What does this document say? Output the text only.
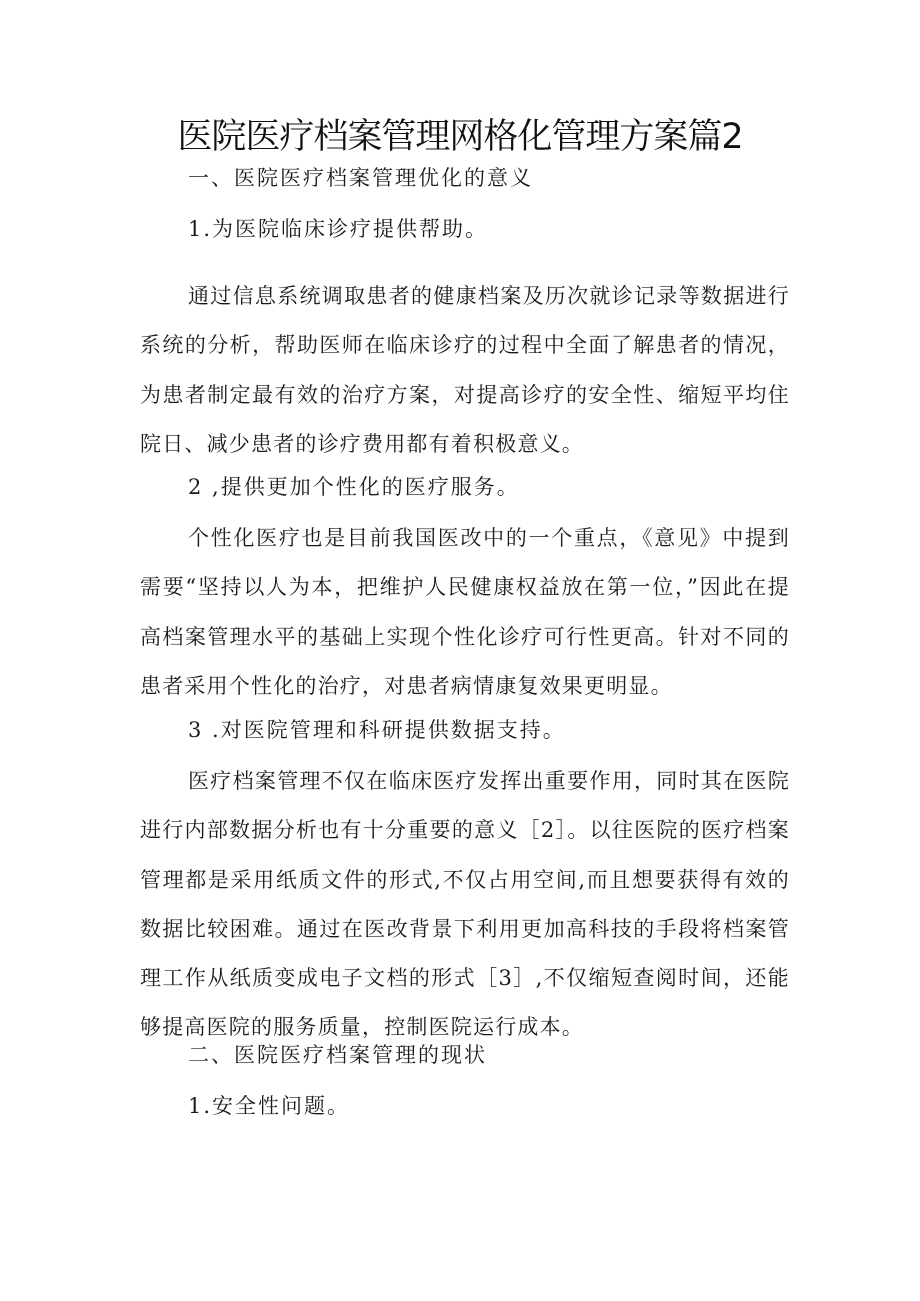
医院医疗档案管理网格化管理方案篇2
一、医院医疗档案管理优化的意义
1.为医院临床诊疗提供帮助。
通过信息系统调取患者的健康档案及历次就诊记录等数据进行系统的分析，帮助医师在临床诊疗的过程中全面了解患者的情况，为患者制定最有效的治疗方案，对提高诊疗的安全性、缩短平均住院日、减少患者的诊疗费用都有着积极意义。
2 ,提供更加个性化的医疗服务。
个性化医疗也是目前我国医改中的一个重点，《意见》中提到需要“坚持以人为本，把维护人民健康权益放在第一位，”因此在提高档案管理水平的基础上实现个性化诊疗可行性更高。针对不同的患者采用个性化的治疗，对患者病情康复效果更明显。
3 .对医院管理和科研提供数据支持。
医疗档案管理不仅在临床医疗发挥出重要作用，同时其在医院进行内部数据分析也有十分重要的意义［2］。以往医院的医疗档案管理都是采用纸质文件的形式,不仅占用空间,而且想要获得有效的数据比较困难。通过在医改背景下利用更加高科技的手段将档案管理工作从纸质变成电子文档的形式［3］,不仅缩短查阅时间，还能够提高医院的服务质量，控制医院运行成本。
二、医院医疗档案管理的现状
1.安全性问题。
